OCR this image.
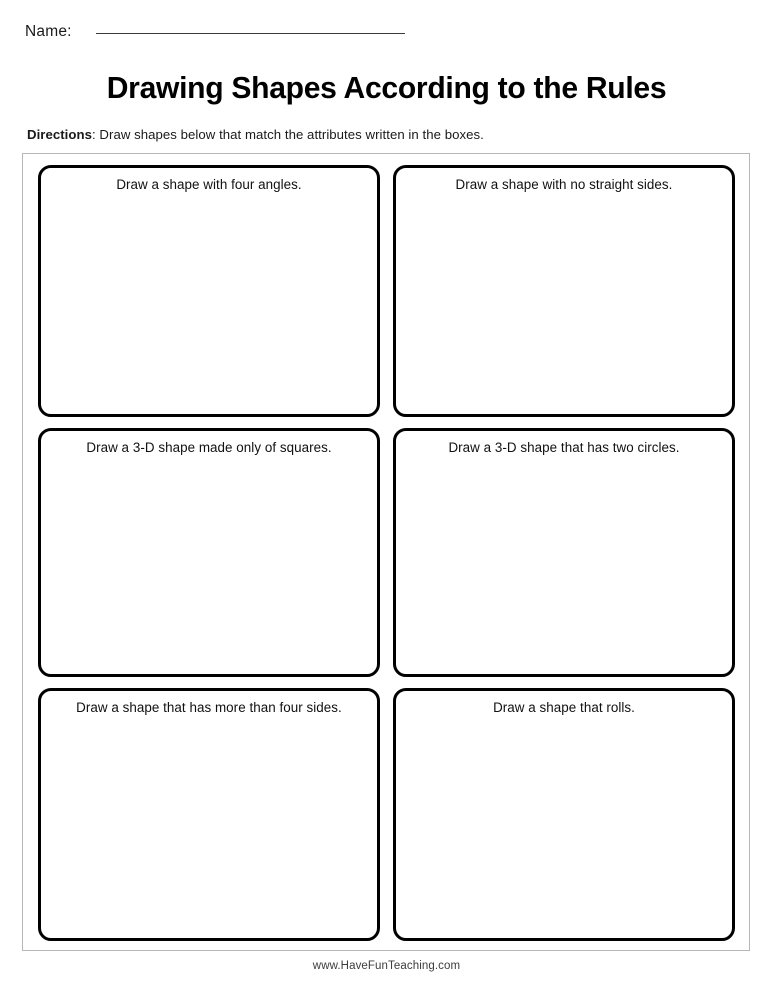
Name:
Drawing Shapes According to the Rules

Directions: Draw shapes below that match the attributes written in the boxes.

Draw a shape with four angles.	Draw a shape with no straight sides.
Draw a 3-D shape made only of squares.	Draw a 3-D shape that has two circles.
Draw a shape that has more than four sides.	Draw a shape that rolls.
www.HaveFunTeaching.com
